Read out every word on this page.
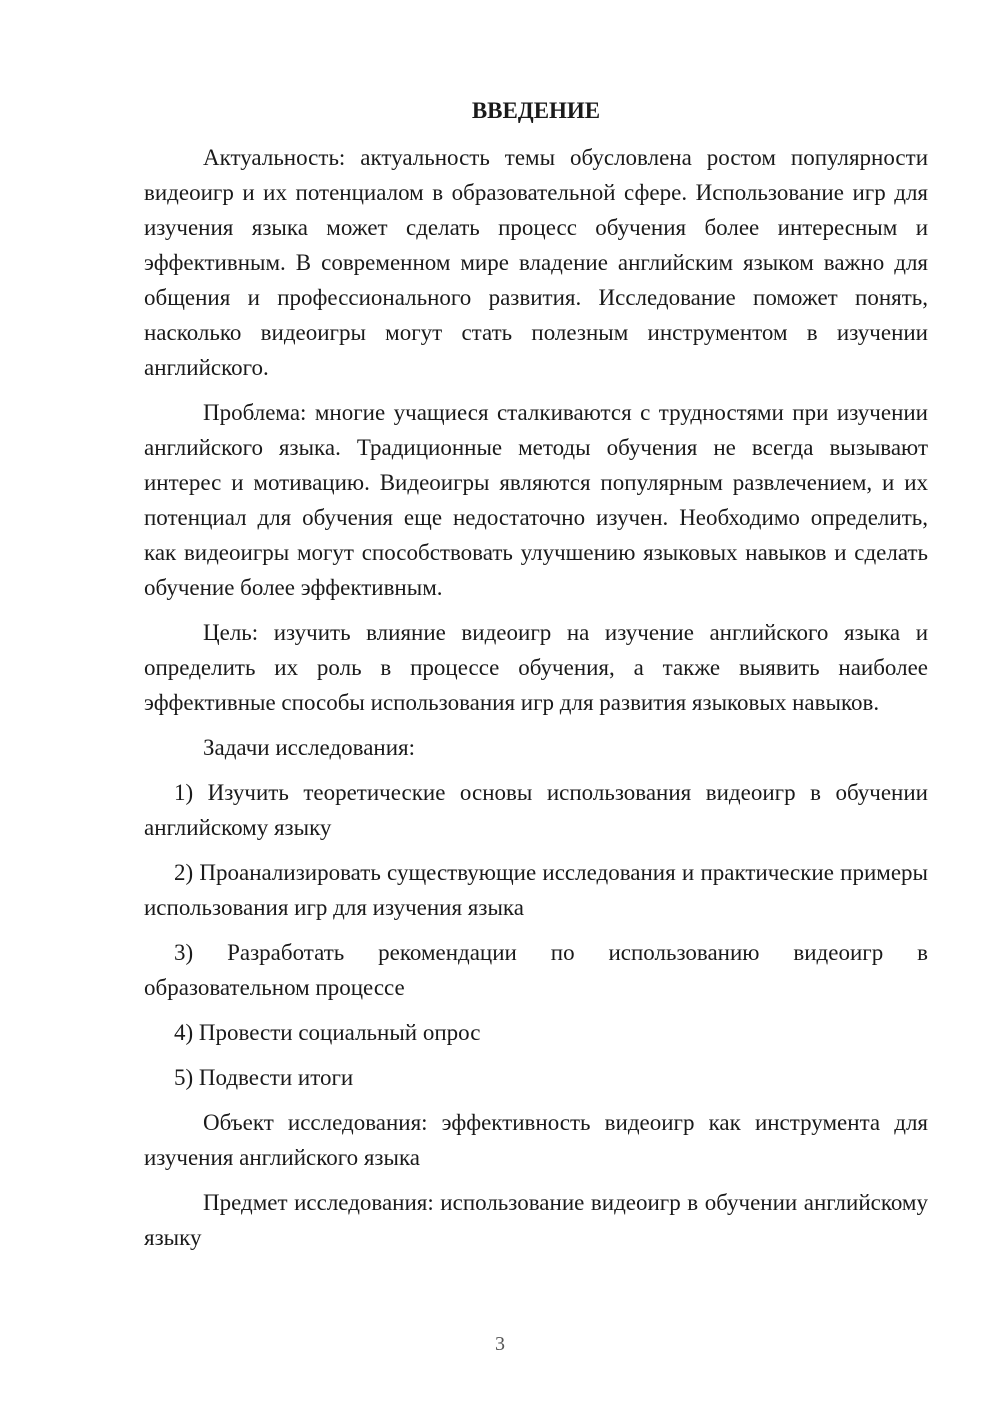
ВВЕДЕНИЕ

Актуальность: актуальность темы обусловлена ростом популярности видеоигр и их потенциалом в образовательной сфере. Использование игр для изучения языка может сделать процесс обучения более интересным и эффективным. В современном мире владение английским языком важно для общения и профессионального развития. Исследование поможет понять, насколько видеоигры могут стать полезным инструментом в изучении английского.

Проблема: многие учащиеся сталкиваются с трудностями при изучении английского языка. Традиционные методы обучения не всегда вызывают интерес и мотивацию. Видеоигры являются популярным развлечением, и их потенциал для обучения еще недостаточно изучен. Необходимо определить, как видеоигры могут способствовать улучшению языковых навыков и сделать обучение более эффективным.

Цель: изучить влияние видеоигр на изучение английского языка и определить их роль в процессе обучения, а также выявить наиболее эффективные способы использования игр для развития языковых навыков.

Задачи исследования:

1) Изучить теоретические основы использования видеоигр в обучении английскому языку

2) Проанализировать существующие исследования и практические примеры использования игр для изучения языка

3) Разработать рекомендации по использованию видеоигр в образовательном процессе

4) Провести социальный опрос

5) Подвести итоги

Объект исследования: эффективность видеоигр как инструмента для изучения английского языка

Предмет исследования: использование видеоигр в обучении английскому языку

3
